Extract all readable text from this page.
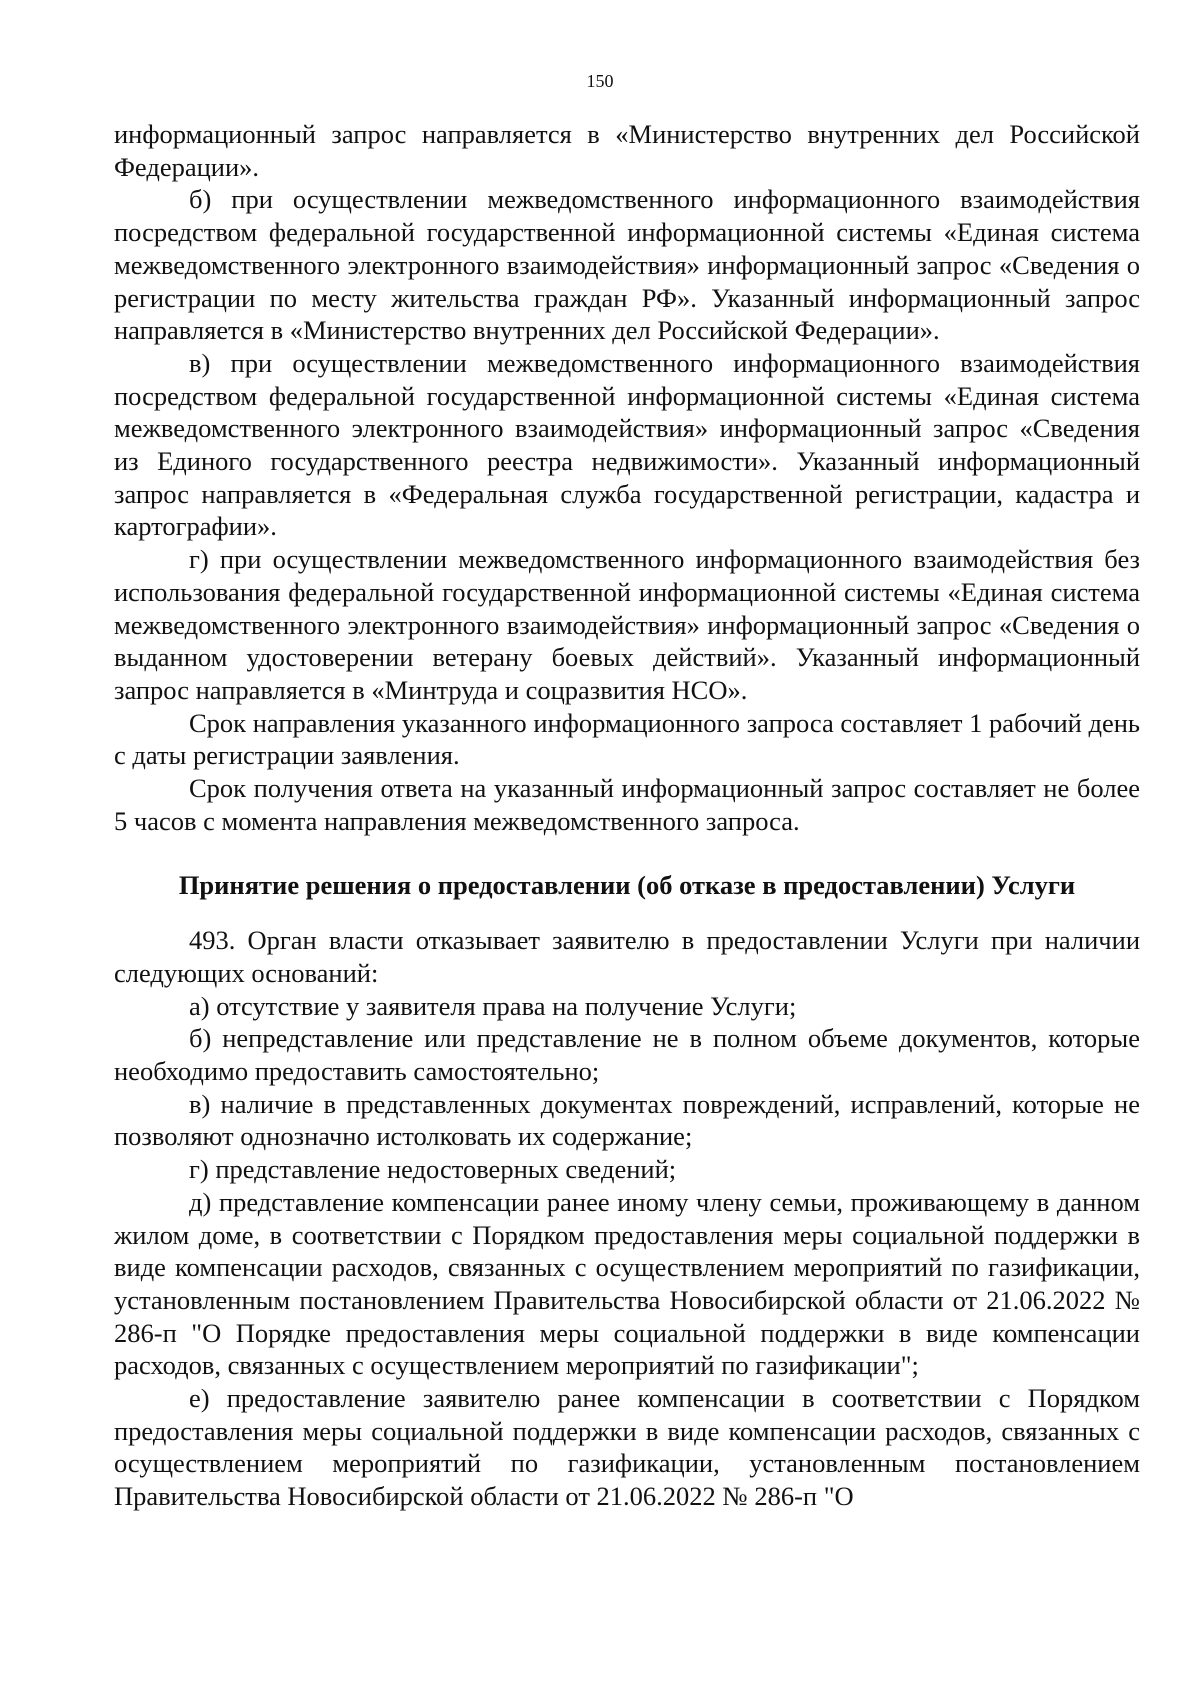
150

информационный запрос направляется в «Министерство внутренних дел Российской Федерации».

б) при осуществлении межведомственного информационного взаимодействия посредством федеральной государственной информационной системы «Единая система межведомственного электронного взаимодействия» информационный запрос «Сведения о регистрации по месту жительства граждан РФ». Указанный информационный запрос направляется в «Министерство внутренних дел Российской Федерации».

в) при осуществлении межведомственного информационного взаимодействия посредством федеральной государственной информационной системы «Единая система межведомственного электронного взаимодействия» информационный запрос «Сведения из Единого государственного реестра недвижимости». Указанный информационный запрос направляется в «Федеральная служба государственной регистрации, кадастра и картографии».

г) при осуществлении межведомственного информационного взаимодействия без использования федеральной государственной информационной системы «Единая система межведомственного электронного взаимодействия» информационный запрос «Сведения о выданном удостоверении ветерану боевых действий». Указанный информационный запрос направляется в «Минтруда и соцразвития НСО».

Срок направления указанного информационного запроса составляет 1 рабочий день с даты регистрации заявления.

Срок получения ответа на указанный информационный запрос составляет не более 5 часов с момента направления межведомственного запроса.

Принятие решения о предоставлении (об отказе в предоставлении) Услуги

493. Орган власти отказывает заявителю в предоставлении Услуги при наличии следующих оснований:

а) отсутствие у заявителя права на получение Услуги;

б) непредставление или представление не в полном объеме документов, которые необходимо предоставить самостоятельно;

в) наличие в представленных документах повреждений, исправлений, которые не позволяют однозначно истолковать их содержание;

г) представление недостоверных сведений;

д) представление компенсации ранее иному члену семьи, проживающему в данном жилом доме, в соответствии с Порядком предоставления меры социальной поддержки в виде компенсации расходов, связанных с осуществлением мероприятий по газификации, установленным постановлением Правительства Новосибирской области от 21.06.2022 № 286-п "О Порядке предоставления меры социальной поддержки в виде компенсации расходов, связанных с осуществлением мероприятий по газификации";

е) предоставление заявителю ранее компенсации в соответствии с Порядком предоставления меры социальной поддержки в виде компенсации расходов, связанных с осуществлением мероприятий по газификации, установленным постановлением Правительства Новосибирской области от 21.06.2022 № 286-п "О
